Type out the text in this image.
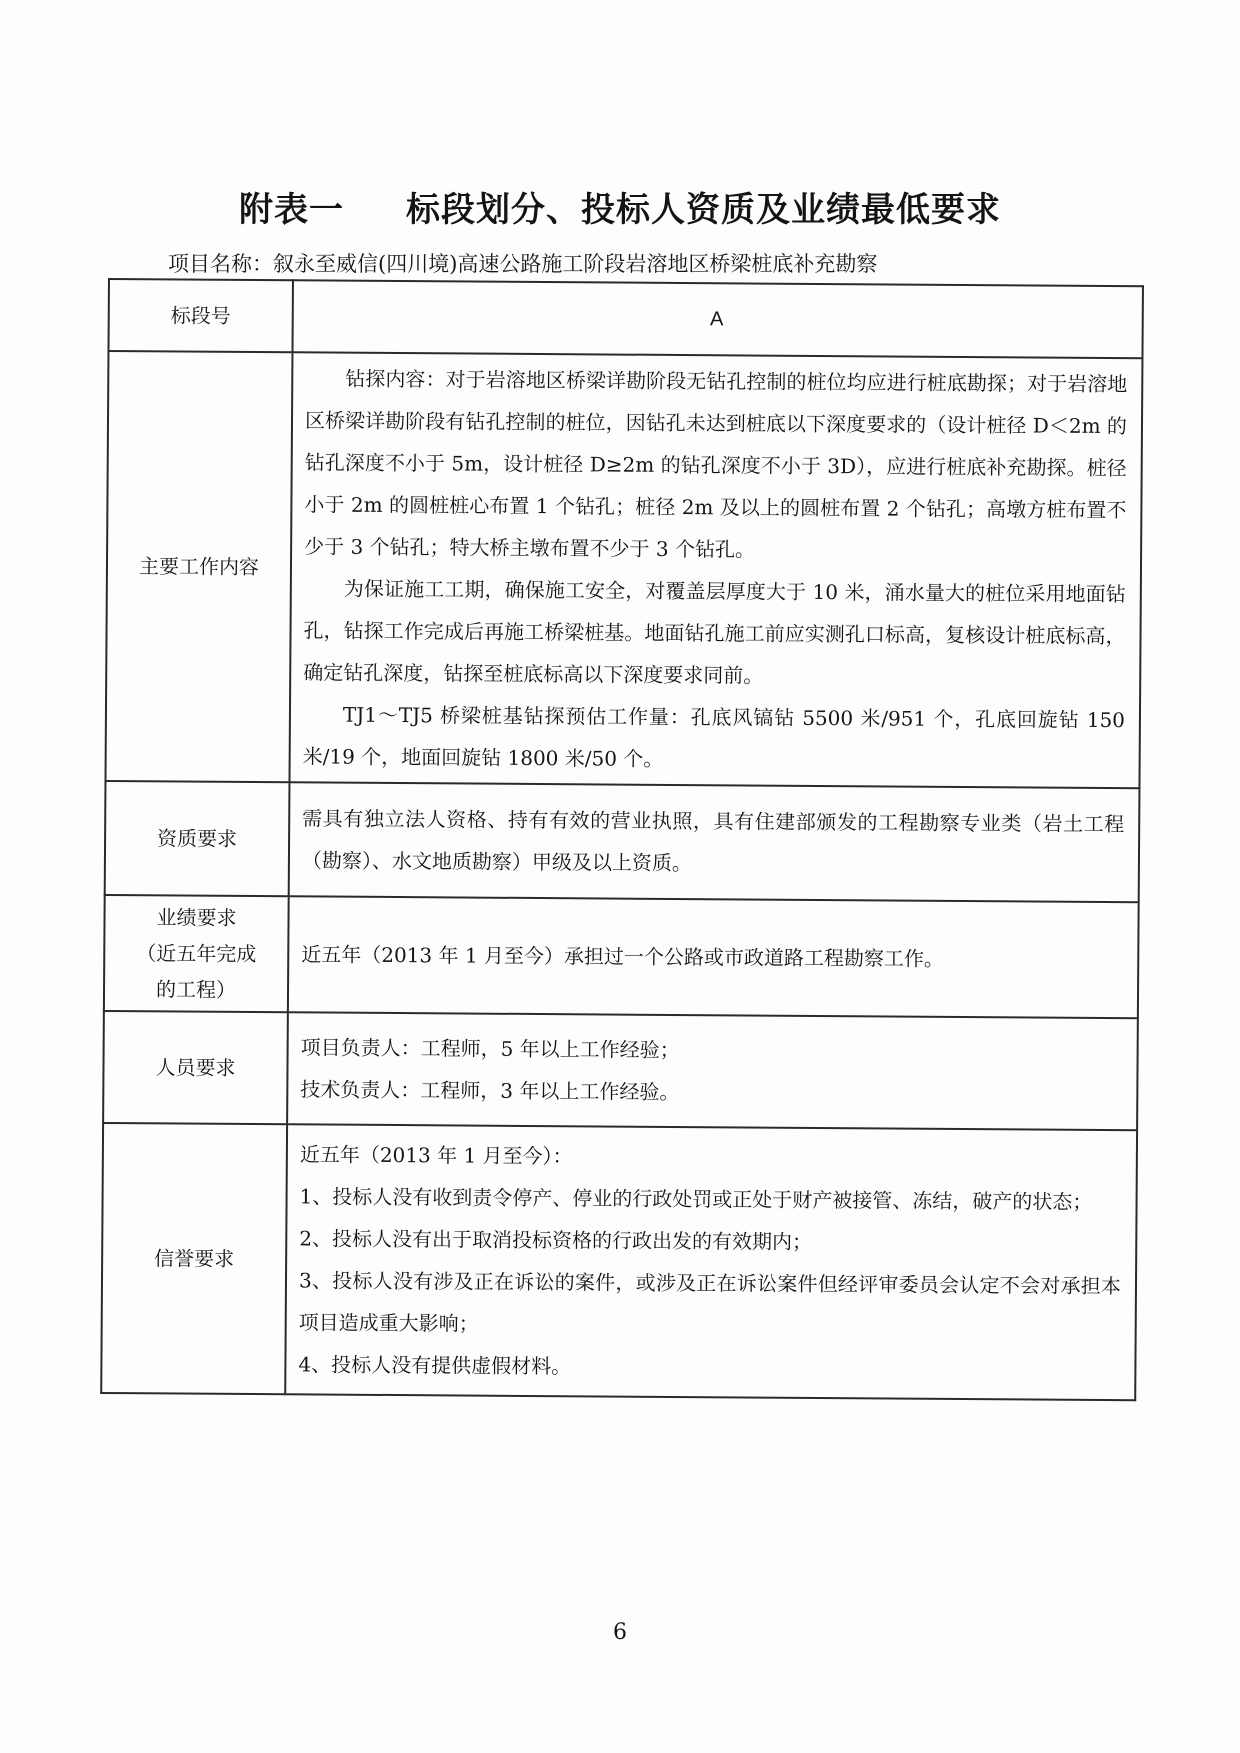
附表一 标段划分、投标人资质及业绩最低要求
项目名称：叙永至威信(四川境)高速公路施工阶段岩溶地区桥梁桩底补充勘察
标段号	A
主要工作内容	钻探内容：对于岩溶地区桥梁详勘阶段无钻孔控制的桩位均应进行桩底勘探；对于岩溶地区桥梁详勘阶段有钻孔控制的桩位，因钻孔未达到桩底以下深度要求的（设计桩径 D＜2m 的钻孔深度不小于 5m，设计桩径 D≥2m 的钻孔深度不小于 3D），应进行桩底补充勘探。桩径小于 2m 的圆桩桩心布置 1 个钻孔；桩径 2m 及以上的圆桩布置 2 个钻孔；高墩方桩布置不少于 3 个钻孔；特大桥主墩布置不少于 3 个钻孔。

为保证施工工期，确保施工安全，对覆盖层厚度大于 10 米，涌水量大的桩位采用地面钻孔，钻探工作完成后再施工桥梁桩基。地面钻孔施工前应实测孔口标高，复核设计桩底标高，确定钻孔深度，钻探至桩底标高以下深度要求同前。

TJ1～TJ5 桥梁桩基钻探预估工作量：孔底风镐钻 5500 米/951 个，孔底回旋钻 150 米/19 个，地面回旋钻 1800 米/50 个。

资质要求	需具有独立法人资格、持有有效的营业执照，具有住建部颁发的工程勘察专业类（岩土工程（勘察）、水文地质勘察）甲级及以上资质。

业绩要求
（近五年完成
的工程）	近五年（2013 年 1 月至今）承担过一个公路或市政道路工程勘察工作。
人员要求	项目负责人：工程师，5 年以上工作经验；

技术负责人：工程师，3 年以上工作经验。

信誉要求	近五年（2013 年 1 月至今）：

1、投标人没有收到责令停产、停业的行政处罚或正处于财产被接管、冻结，破产的状态；

2、投标人没有出于取消投标资格的行政出发的有效期内；

3、投标人没有涉及正在诉讼的案件，或涉及正在诉讼案件但经评审委员会认定不会对承担本项目造成重大影响；

4、投标人没有提供虚假材料。

6
